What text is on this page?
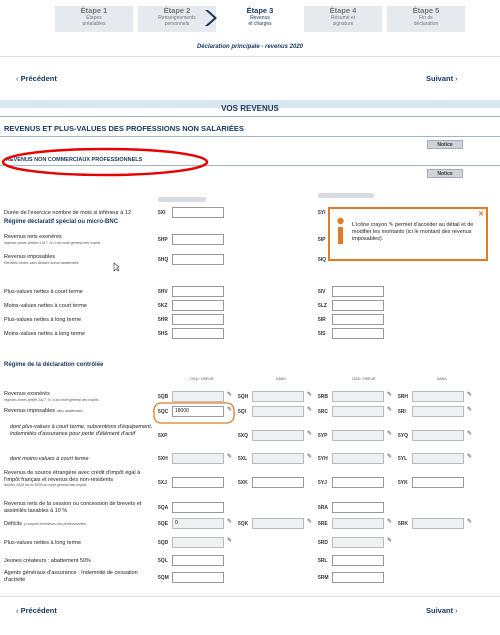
Étape 1
Étapes
préalables
Étape 2
Renseignements
personnels
Étape 3
Revenus
et charges
Étape 4
Résumé et
signature
Étape 5
Fin de
déclaration
Déclaration principale - revenus 2020
‹ Précédent	Suivant ›
VOS REVENUS
REVENUS ET PLUS-VALUES DES PROFESSIONS NON SALARIÉES
Notice
REVENUS NON COMMERCIAUX PROFESSIONNELS
Notice
Durée de l'exercice nombre de mois si inférieur à 12	5XI	5YI
Régime déclaratif spécial ou micro-BNC
Revenus nets exonérés
régimes zonés articles 1417, IV, b du code général des impôts	5HP	5IP
Revenus imposables
Recettes brutes sans déduire aucun abattement	5HQ	5IQ
Plus-values nettes à court terme	5HV	5IV
Moins-values nettes à court terme	5KZ	5LZ
Plus-values nettes à long terme	5HR	5IR
Moins-values nettes à long terme	5HS	5IS
Régime de la déclaration contrôlée
OGA / VISEUR	SANS	OGA / VISEUR	SANS
Revenus exonérés
régimes zonés article 1417, IV, b du code général des impôts	5QB	✎ 5QH	✎ 5RB	✎ 5RH	✎
Revenus imposables sans abattement	5QC	18000	✎ 5QI	✎ 5RC	✎ 5RI	✎
dont plus-values à court terme, subventions d'équipement, indemnités d'assurance pour perte d'élément d'actif	5XP	5XQ	✎ 5YP	✎ 5YQ	✎
dont moins-values à court terme	5XH	✎ 5XL	✎ 5YH	✎ 5YL	✎
Revenus de source étrangère avec crédit d'impôt égal à l'impôt français et revenus des non-résidents
articles 182A bis et 162B du code général des impôts	5XJ	5XK	5YJ	5YK
Revenus nets de la cession ou concession de brevets et assimilés taxables à 10 %	5QA	5RA
Déficits y compris inventeurs non professionnels	5QE	0	✎ 5QK	✎ 5RE	✎ 5RK	✎
Plus-values nettes à long terme	5QD	✎	5RD	✎
Jeunes créateurs : abattement 50%	5QL	5RL
Agents généraux d'assurance : Indemnité de cessation d'activité	5QM	5RM
‹ Précédent	Suivant ›
✕
L'icône crayon ✎ permet d'accéder au détail et de modifier les montants (ici le montant des revenus imposables).
